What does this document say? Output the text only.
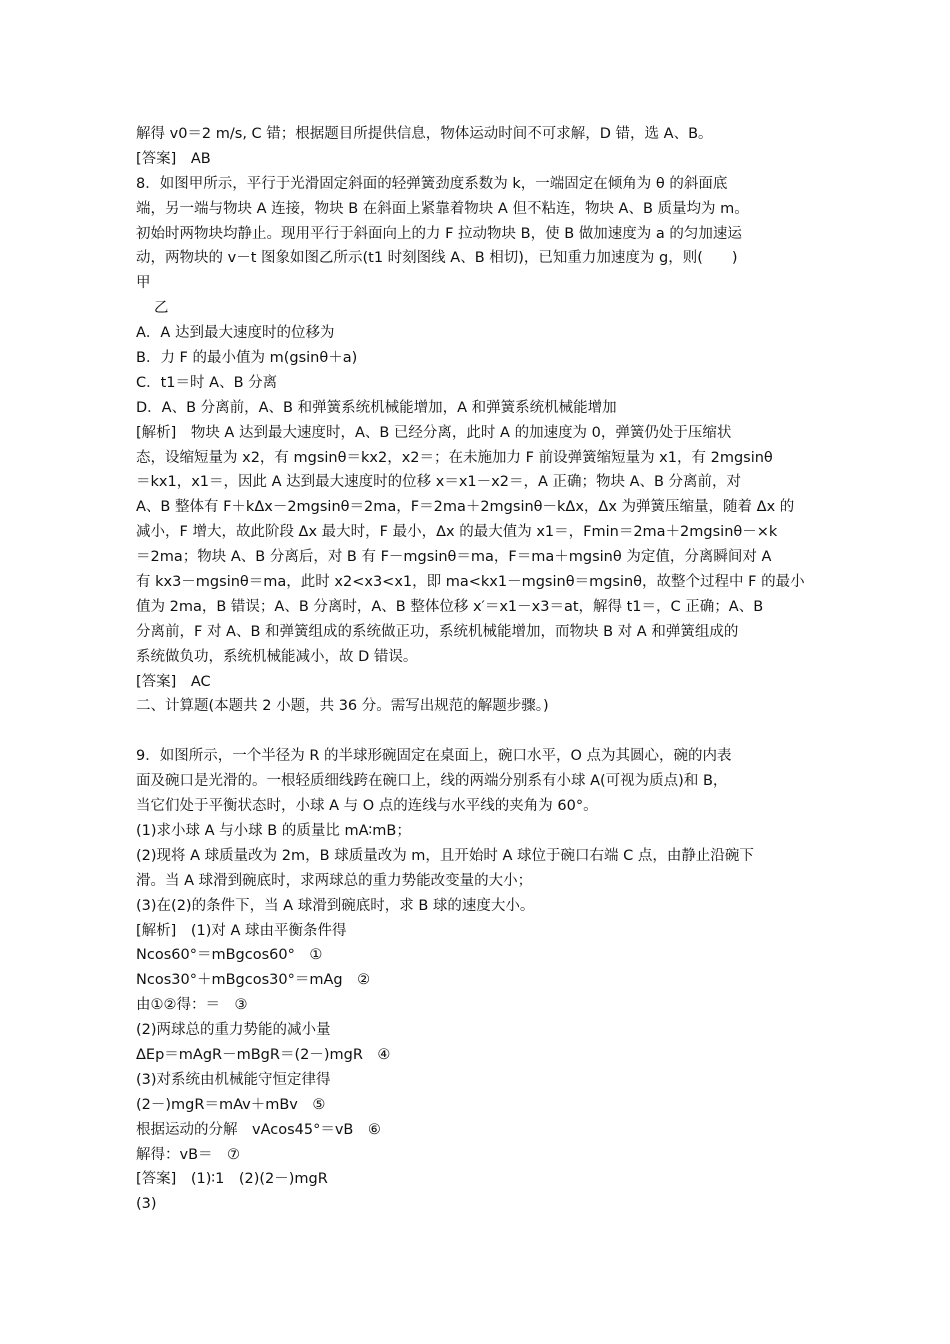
解得 v0＝2 m/s, C 错；根据题目所提供信息，物体运动时间不可求解，D 错，选 A、B。
[答案]　AB
8．如图甲所示，平行于光滑固定斜面的轻弹簧劲度系数为 k，一端固定在倾角为 θ 的斜面底
端，另一端与物块 A 连接，物块 B 在斜面上紧靠着物块 A 但不粘连，物块 A、B 质量均为 m。
初始时两物块均静止。现用平行于斜面向上的力 F 拉动物块 B，使 B 做加速度为 a 的匀加速运
动，两物块的 v－t 图象如图乙所示(t1 时刻图线 A、B 相切)，已知重力加速度为 g，则(　　)
甲
乙
A．A 达到最大速度时的位移为
B．力 F 的最小值为 m(gsinθ＋a)
C．t1＝时 A、B 分离
D．A、B 分离前，A、B 和弹簧系统机械能增加，A 和弹簧系统机械能增加
[解析]　物块 A 达到最大速度时，A、B 已经分离，此时 A 的加速度为 0，弹簧仍处于压缩状
态，设缩短量为 x2，有 mgsinθ＝kx2，x2＝；在未施加力 F 前设弹簧缩短量为 x1，有 2mgsinθ
＝kx1，x1＝，因此 A 达到最大速度时的位移 x＝x1－x2＝，A 正确；物块 A、B 分离前，对
A、B 整体有 F＋kΔx－2mgsinθ＝2ma，F＝2ma＋2mgsinθ－kΔx，Δx 为弹簧压缩量，随着 Δx 的
减小，F 增大，故此阶段 Δx 最大时，F 最小，Δx 的最大值为 x1＝，Fmin＝2ma＋2mgsinθ－×k
＝2ma；物块 A、B 分离后，对 B 有 F－mgsinθ＝ma，F＝ma＋mgsinθ 为定值，分离瞬间对 A
有 kx3－mgsinθ＝ma，此时 x2<x3<x1，即 ma<kx1－mgsinθ＝mgsinθ，故整个过程中 F 的最小
值为 2ma，B 错误；A、B 分离时，A、B 整体位移 x′＝x1－x3＝at，解得 t1＝，C 正确；A、B
分离前，F 对 A、B 和弹簧组成的系统做正功，系统机械能增加，而物块 B 对 A 和弹簧组成的
系统做负功，系统机械能减小，故 D 错误。
[答案]　AC
二、计算题(本题共 2 小题，共 36 分。需写出规范的解题步骤。)
9．如图所示，一个半径为 R 的半球形碗固定在桌面上，碗口水平，O 点为其圆心，碗的内表
面及碗口是光滑的。一根轻质细线跨在碗口上，线的两端分别系有小球 A(可视为质点)和 B，
当它们处于平衡状态时，小球 A 与 O 点的连线与水平线的夹角为 60°。
(1)求小球 A 与小球 B 的质量比 mA∶mB；
(2)现将 A 球质量改为 2m，B 球质量改为 m，且开始时 A 球位于碗口右端 C 点，由静止沿碗下
滑。当 A 球滑到碗底时，求两球总的重力势能改变量的大小；
(3)在(2)的条件下，当 A 球滑到碗底时，求 B 球的速度大小。
[解析]　(1)对 A 球由平衡条件得
Ncos60°＝mBgcos60°　①
Ncos30°＋mBgcos30°＝mAg　②
由①②得：＝　③
(2)两球总的重力势能的减小量
ΔEp＝mAgR－mBgR＝(2－)mgR　④
(3)对系统由机械能守恒定律得
(2－)mgR＝mAv＋mBv　⑤
根据运动的分解　vAcos45°＝vB　⑥
解得：vB＝　⑦
[答案]　(1)∶1　(2)(2－)mgR
(3)
